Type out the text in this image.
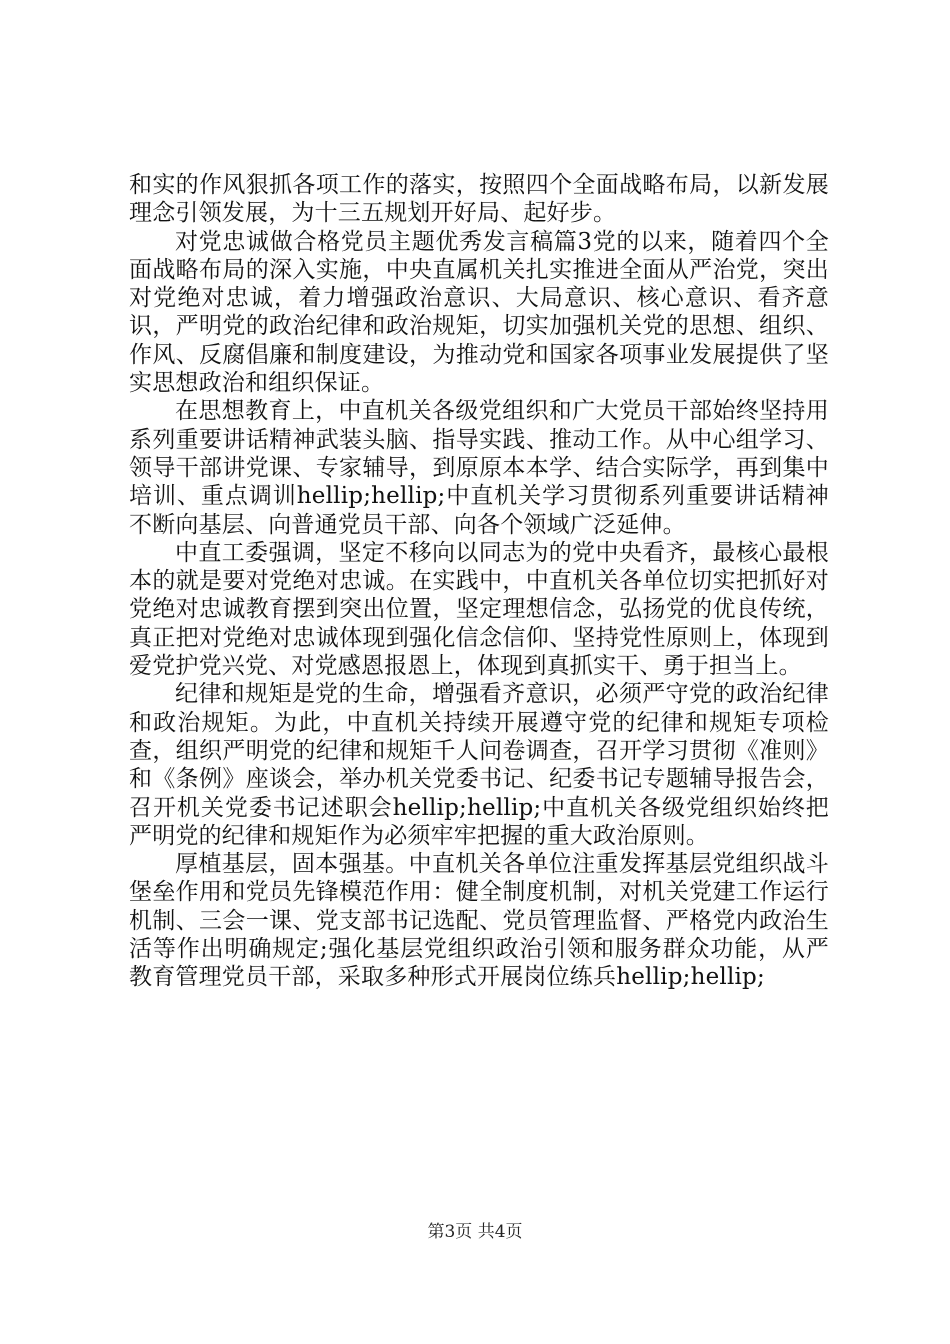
和实的作风狠抓各项工作的落实，按照四个全面战略布局，以新发展理念引领发展，为十三五规划开好局、起好步。

对党忠诚做合格党员主题优秀发言稿篇3党的以来，随着四个全面战略布局的深入实施，中央直属机关扎实推进全面从严治党，突出对党绝对忠诚，着力增强政治意识、大局意识、核心意识、看齐意识，严明党的政治纪律和政治规矩，切实加强机关党的思想、组织、作风、反腐倡廉和制度建设，为推动党和国家各项事业发展提供了坚实思想政治和组织保证。

在思想教育上，中直机关各级党组织和广大党员干部始终坚持用系列重要讲话精神武装头脑、指导实践、推动工作。从中心组学习、领导干部讲党课、专家辅导，到原原本本学、结合实际学，再到集中培训、重点调训hellip;hellip;中直机关学习贯彻系列重要讲话精神不断向基层、向普通党员干部、向各个领域广泛延伸。

中直工委强调，坚定不移向以同志为的党中央看齐，最核心最根本的就是要对党绝对忠诚。在实践中，中直机关各单位切实把抓好对党绝对忠诚教育摆到突出位置，坚定理想信念，弘扬党的优良传统，真正把对党绝对忠诚体现到强化信念信仰、坚持党性原则上，体现到爱党护党兴党、对党感恩报恩上，体现到真抓实干、勇于担当上。

纪律和规矩是党的生命，增强看齐意识，必须严守党的政治纪律和政治规矩。为此，中直机关持续开展遵守党的纪律和规矩专项检查，组织严明党的纪律和规矩千人问卷调查，召开学习贯彻《准则》和《条例》座谈会，举办机关党委书记、纪委书记专题辅导报告会，召开机关党委书记述职会hellip;hellip;中直机关各级党组织始终把严明党的纪律和规矩作为必须牢牢把握的重大政治原则。

厚植基层，固本强基。中直机关各单位注重发挥基层党组织战斗堡垒作用和党员先锋模范作用：健全制度机制，对机关党建工作运行机制、三会一课、党支部书记选配、党员管理监督、严格党内政治生活等作出明确规定;强化基层党组织政治引领和服务群众功能，从严教育管理党员干部，采取多种形式开展岗位练兵hellip;hellip;

第3页 共4页
